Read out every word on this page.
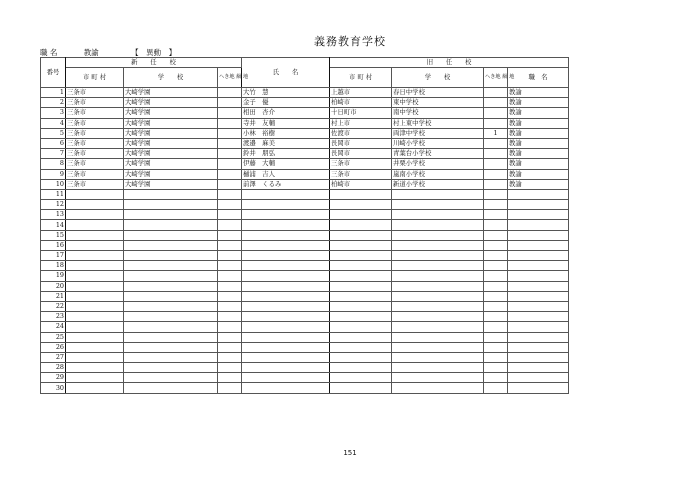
義務教育学校
職 名	教諭	【　異動　】
番号	新　　任　　校			氏　　名	旧　　任　　校			
	市 町 村	学　　校	へき地 級 地		市 町 村	学　　校	へき地 級 地	職　名
1	三条市	大崎学園		大竹　慧	上越市	春日中学校		教諭
2	三条市	大崎学園		金子　優	柏崎市	東中学校		教諭
3	三条市	大崎学園		相田　杏介	十日町市	南中学校		教諭
4	三条市	大崎学園		寺井　友輔	村上市	村上東中学校		教諭
5	三条市	大崎学園		小林　裕樹	佐渡市	両津中学校	1	教諭
6	三条市	大崎学園		渡邉　麻美	長岡市	川崎小学校		教諭
7	三条市	大崎学園		鈴井　朋弘	長岡市	青葉台小学校		教諭
8	三条市	大崎学園		伊藤　大輔	三条市	井栗小学校		教諭
9	三条市	大崎学園		樋浦　吉人	三条市	嵐南小学校		教諭
10	三条市	大崎学園		前澤　くるみ	柏崎市	新道小学校		教諭
11								
12								
13								
14								
15								
16								
17								
18								
19								
20								
21								
22								
23								
24								
25								
26								
27								
28								
29								
30								
151
